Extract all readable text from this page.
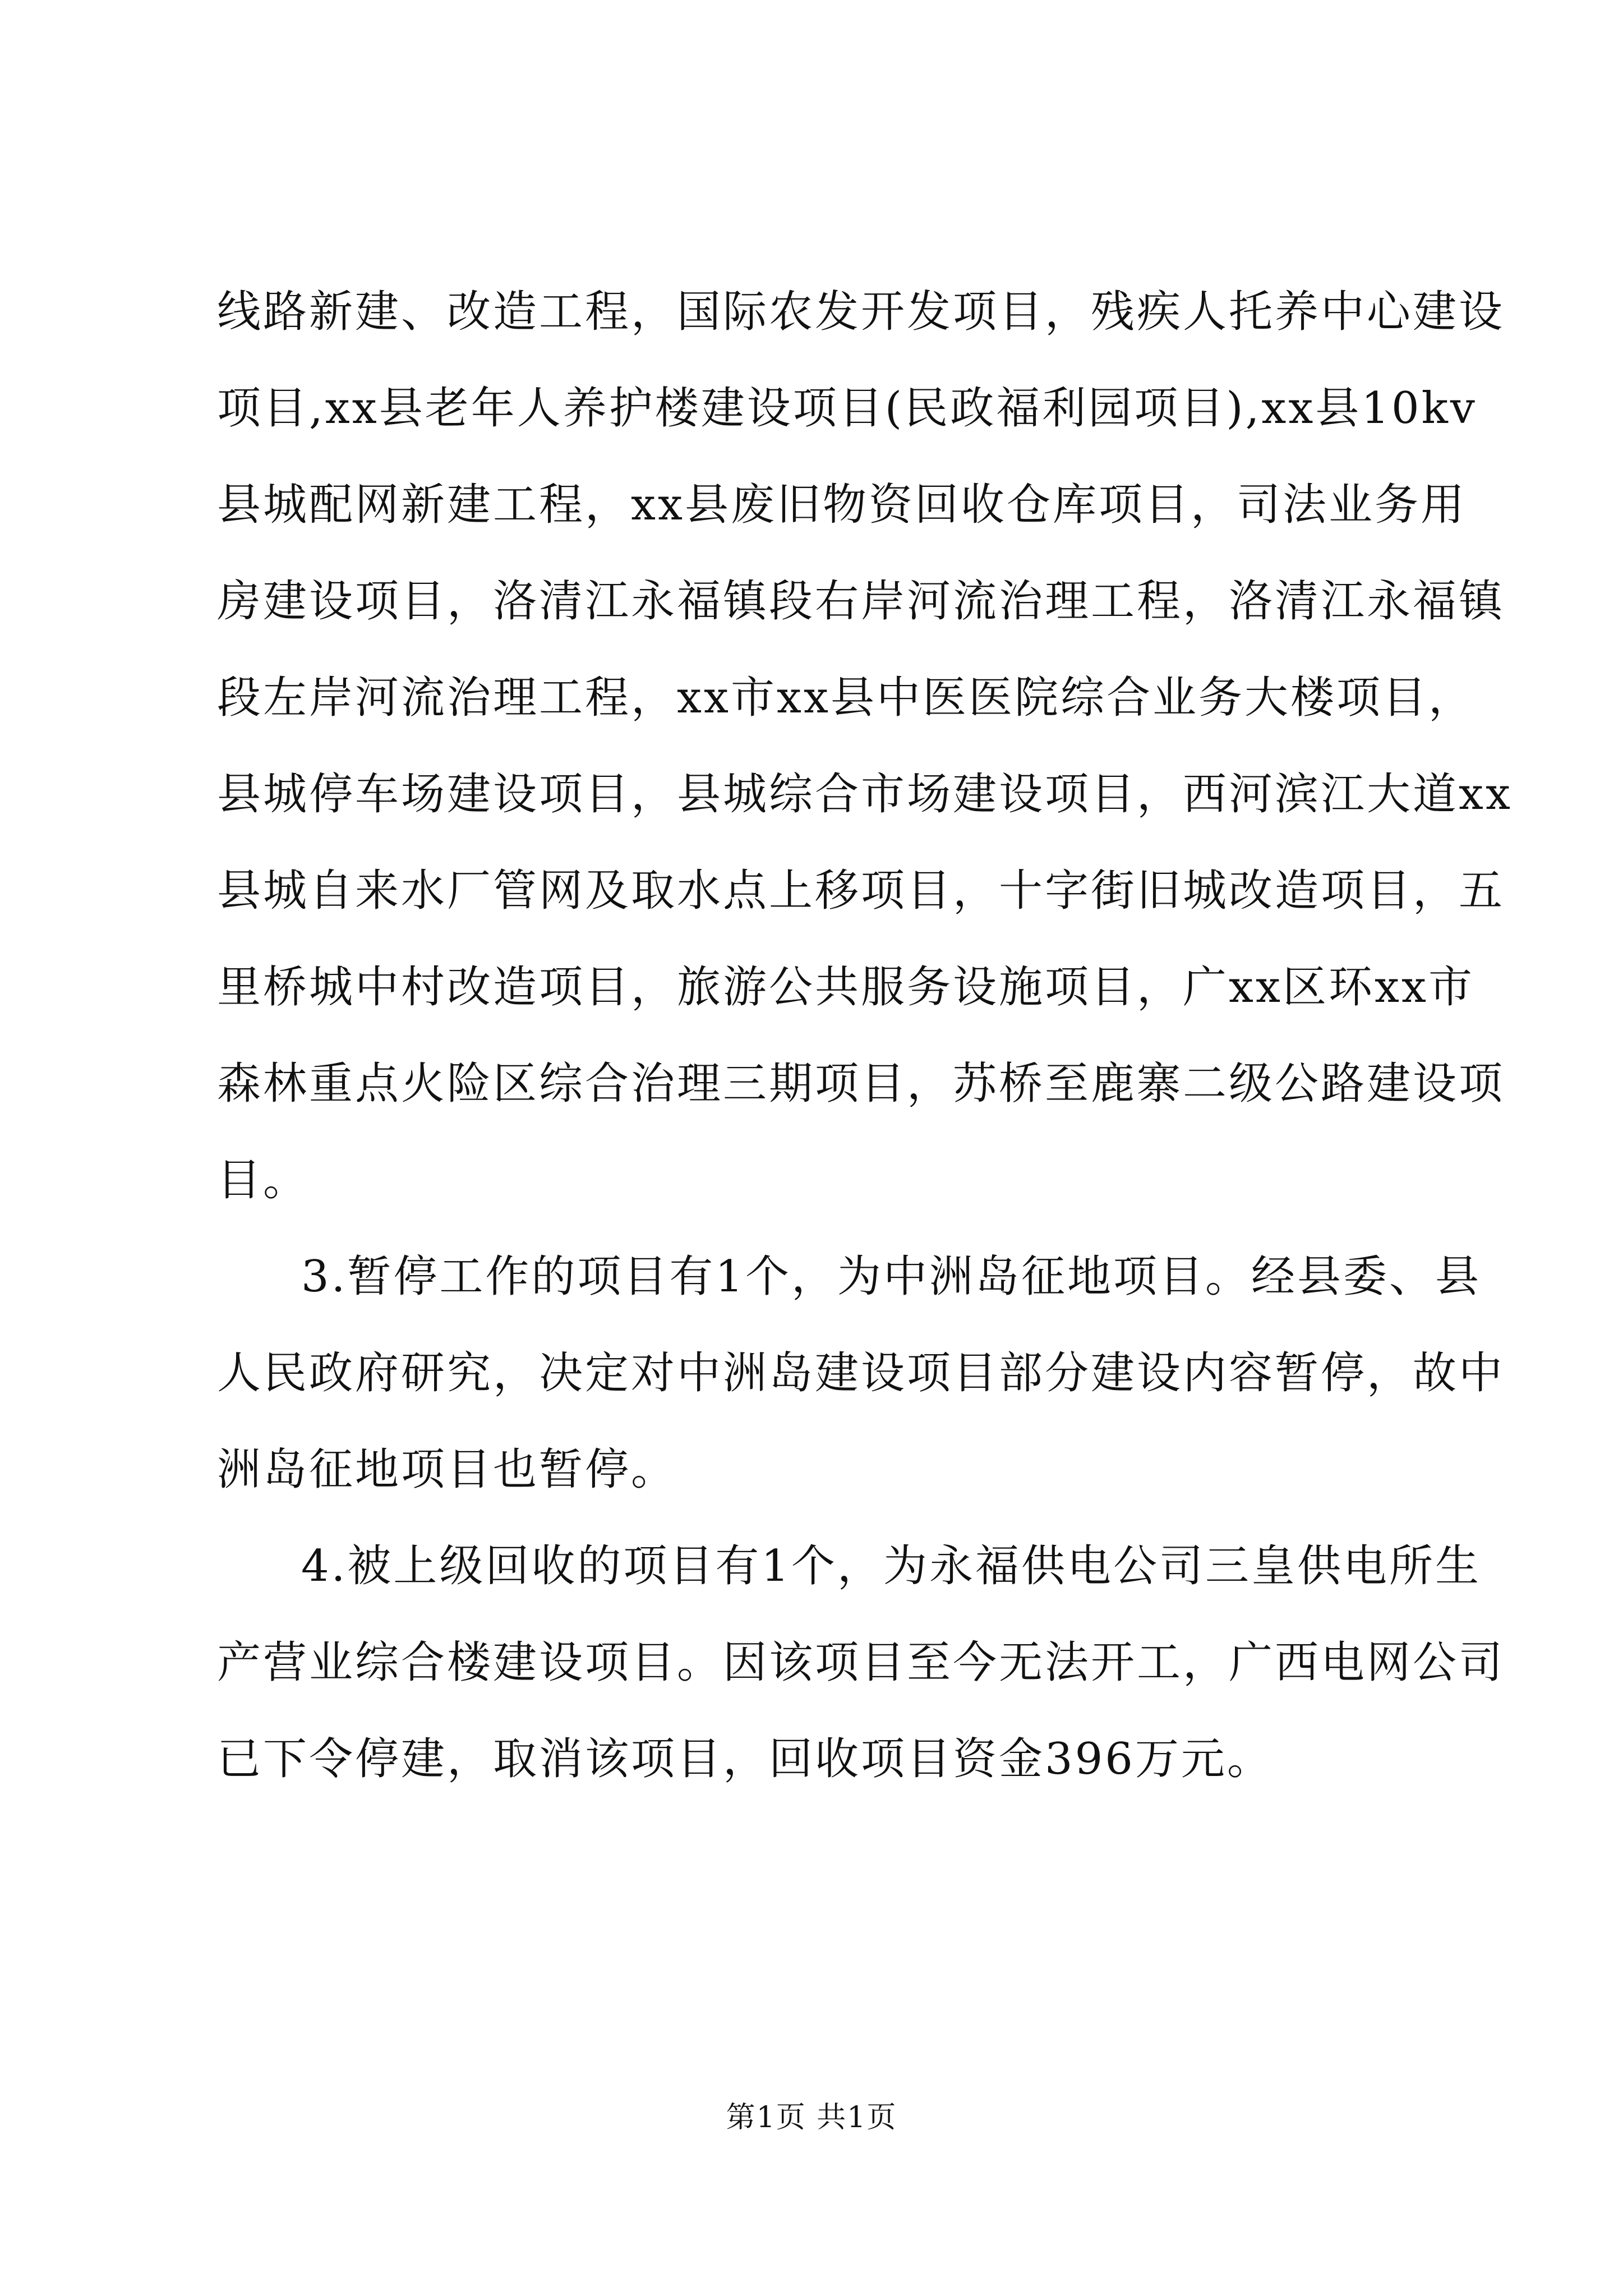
线路新建、改造工程，国际农发开发项目，残疾人托养中心建设
项目,xx县老年人养护楼建设项目(民政福利园项目),xx县10kv
县城配网新建工程，xx县废旧物资回收仓库项目，司法业务用
房建设项目，洛清江永福镇段右岸河流治理工程，洛清江永福镇
段左岸河流治理工程，xx市xx县中医医院综合业务大楼项目，
县城停车场建设项目，县城综合市场建设项目，西河滨江大道xx
县城自来水厂管网及取水点上移项目，十字街旧城改造项目，五
里桥城中村改造项目，旅游公共服务设施项目，广xx区环xx市
森林重点火险区综合治理三期项目，苏桥至鹿寨二级公路建设项
目。
3.暂停工作的项目有1个，为中洲岛征地项目。经县委、县
人民政府研究，决定对中洲岛建设项目部分建设内容暂停，故中
洲岛征地项目也暂停。
4.被上级回收的项目有1个，为永福供电公司三皇供电所生
产营业综合楼建设项目。因该项目至今无法开工，广西电网公司
已下令停建，取消该项目，回收项目资金396万元。
第1页 共1页
